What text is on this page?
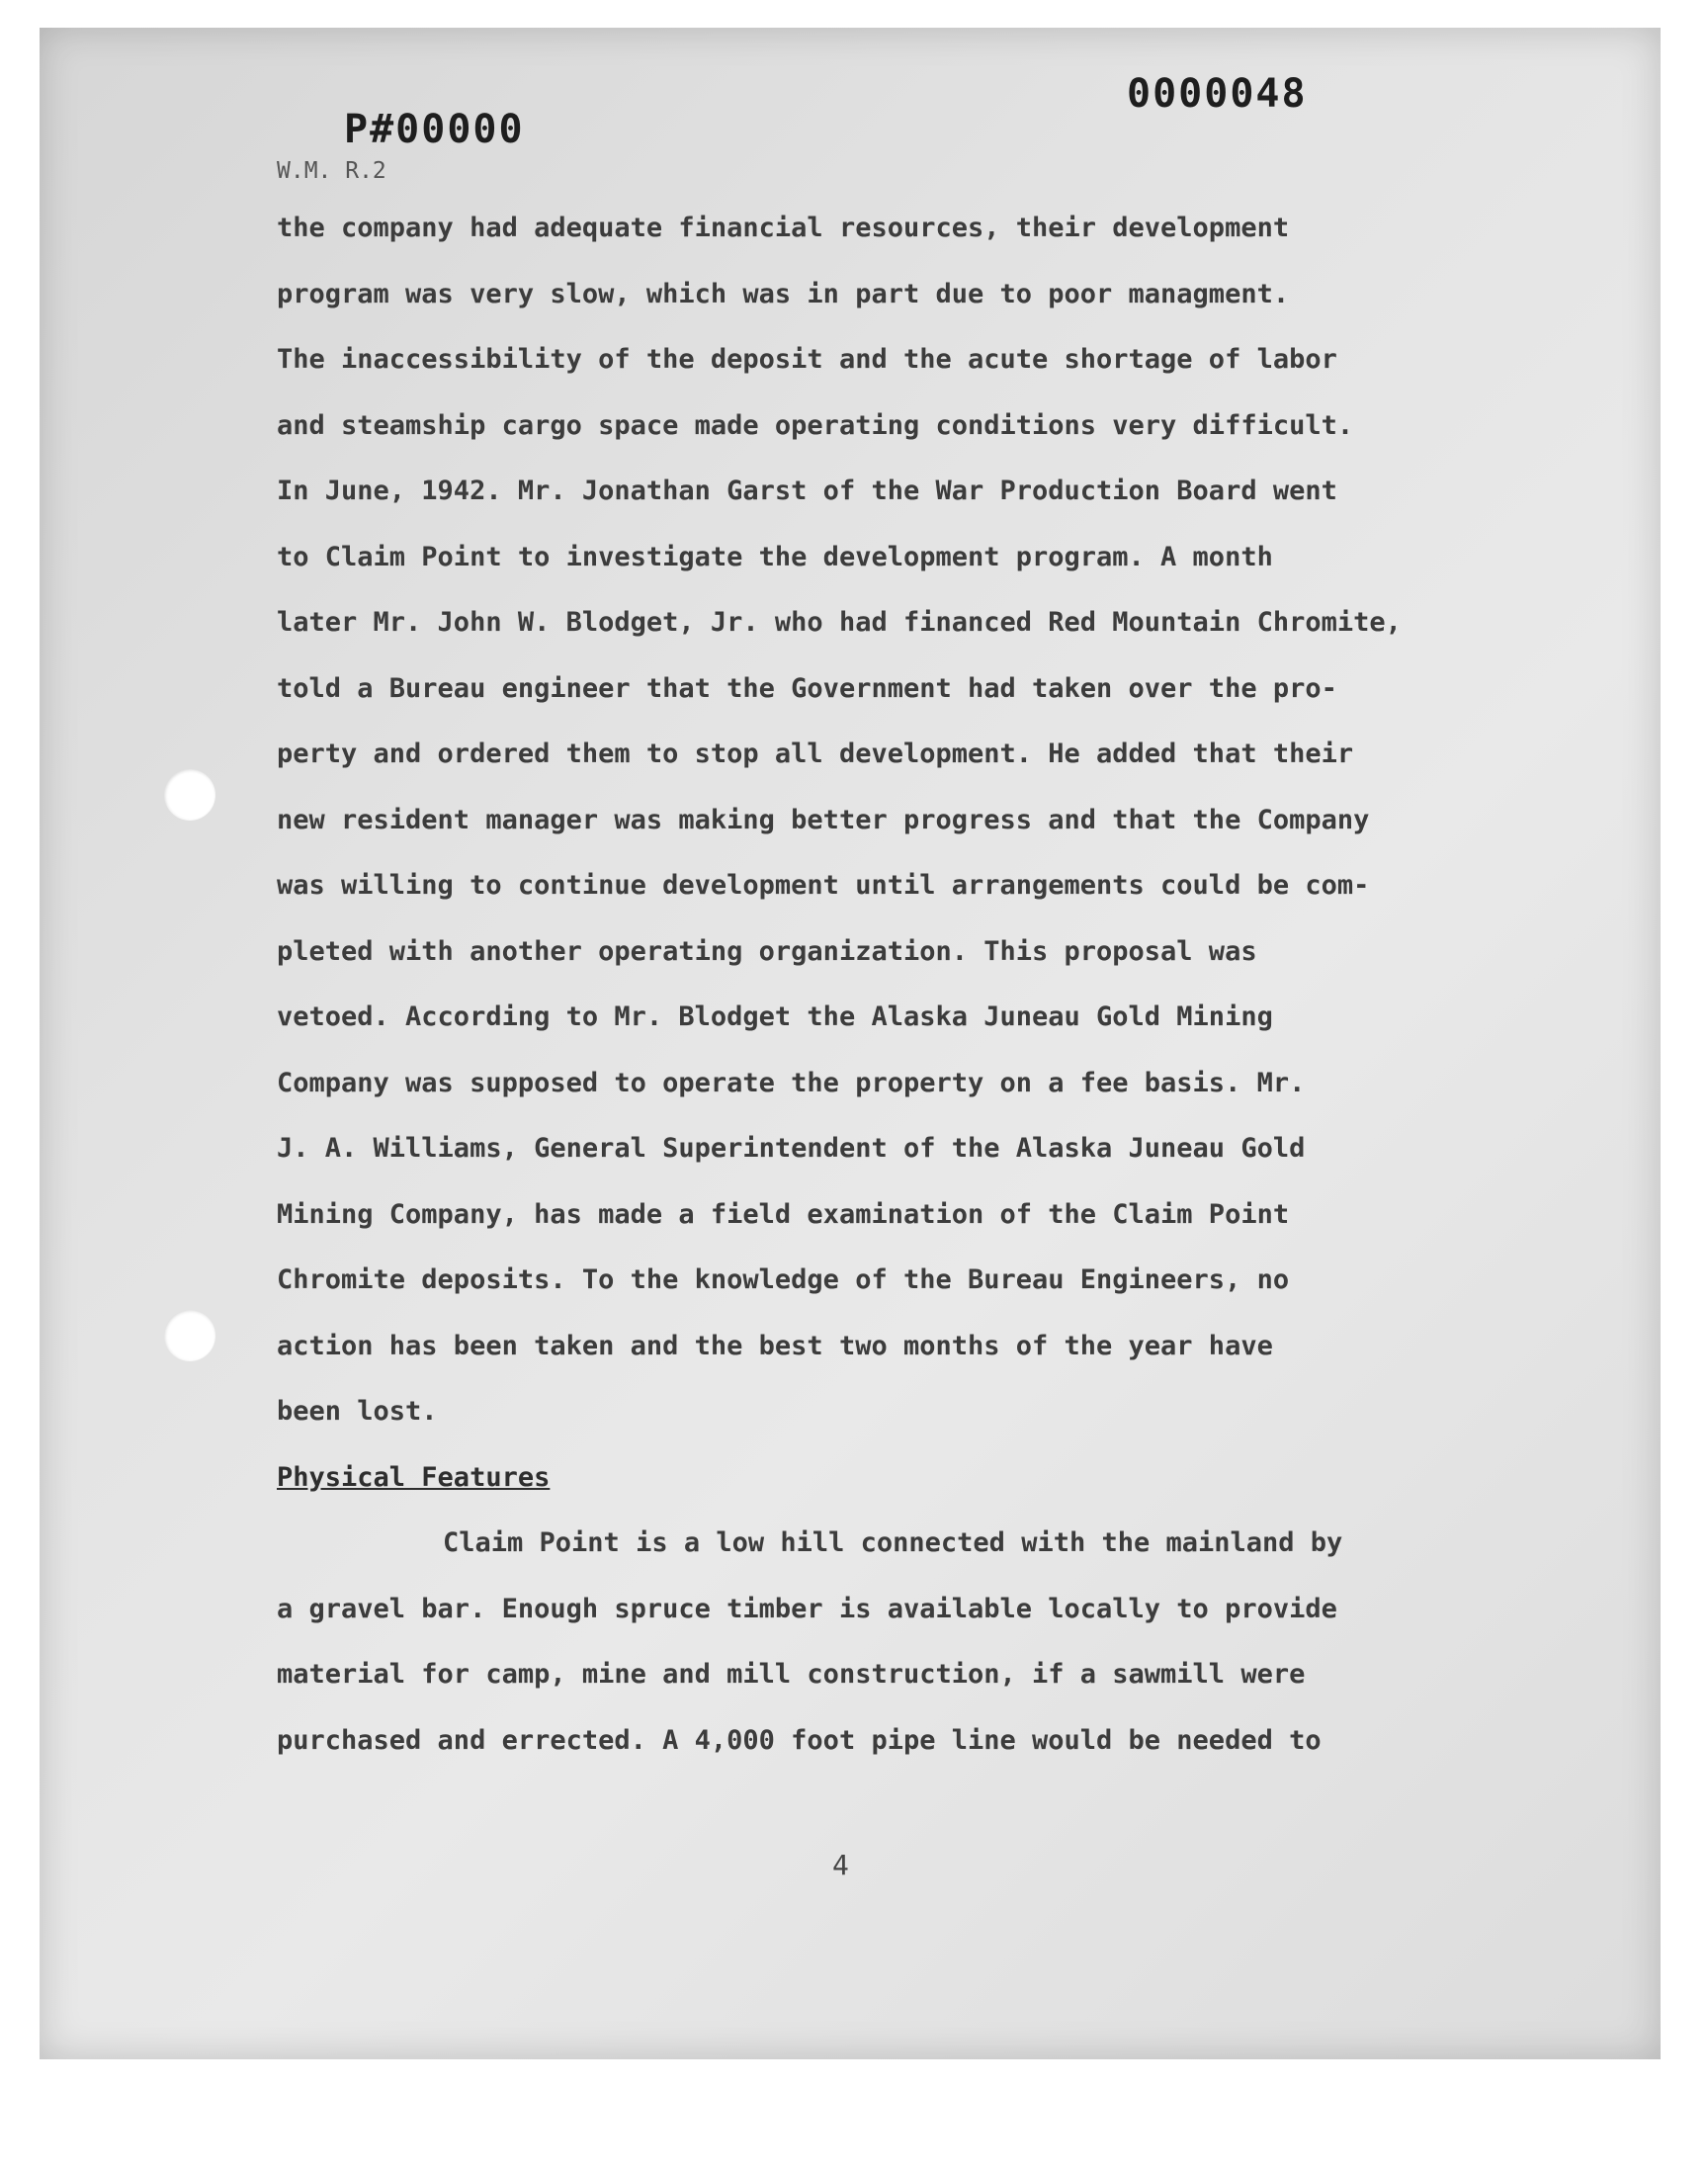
P#00000
0000048
W.M. R.2
the company had adequate financial resources, their development
program was very slow, which was in part due to poor managment.
The inaccessibility of the deposit and the acute shortage of labor
and steamship cargo space made operating conditions very difficult.
In June, 1942. Mr. Jonathan Garst of the War Production Board went
to Claim Point to investigate the development program. A month
later Mr. John W. Blodget, Jr. who had financed Red Mountain Chromite,
told a Bureau engineer that the Government had taken over the pro-
perty and ordered them to stop all development. He added that their
new resident manager was making better progress and that the Company
was willing to continue development until arrangements could be com-
pleted with another operating organization. This proposal was
vetoed. According to Mr. Blodget the Alaska Juneau Gold Mining
Company was supposed to operate the property on a fee basis. Mr.
J. A. Williams, General Superintendent of the Alaska Juneau Gold
Mining Company, has made a field examination of the Claim Point
Chromite deposits. To the knowledge of the Bureau Engineers, no
action has been taken and the best two months of the year have
been lost.
Physical Features
Claim Point is a low hill connected with the mainland by
a gravel bar. Enough spruce timber is available locally to provide
material for camp, mine and mill construction, if a sawmill were
purchased and errected. A 4,000 foot pipe line would be needed to
4
